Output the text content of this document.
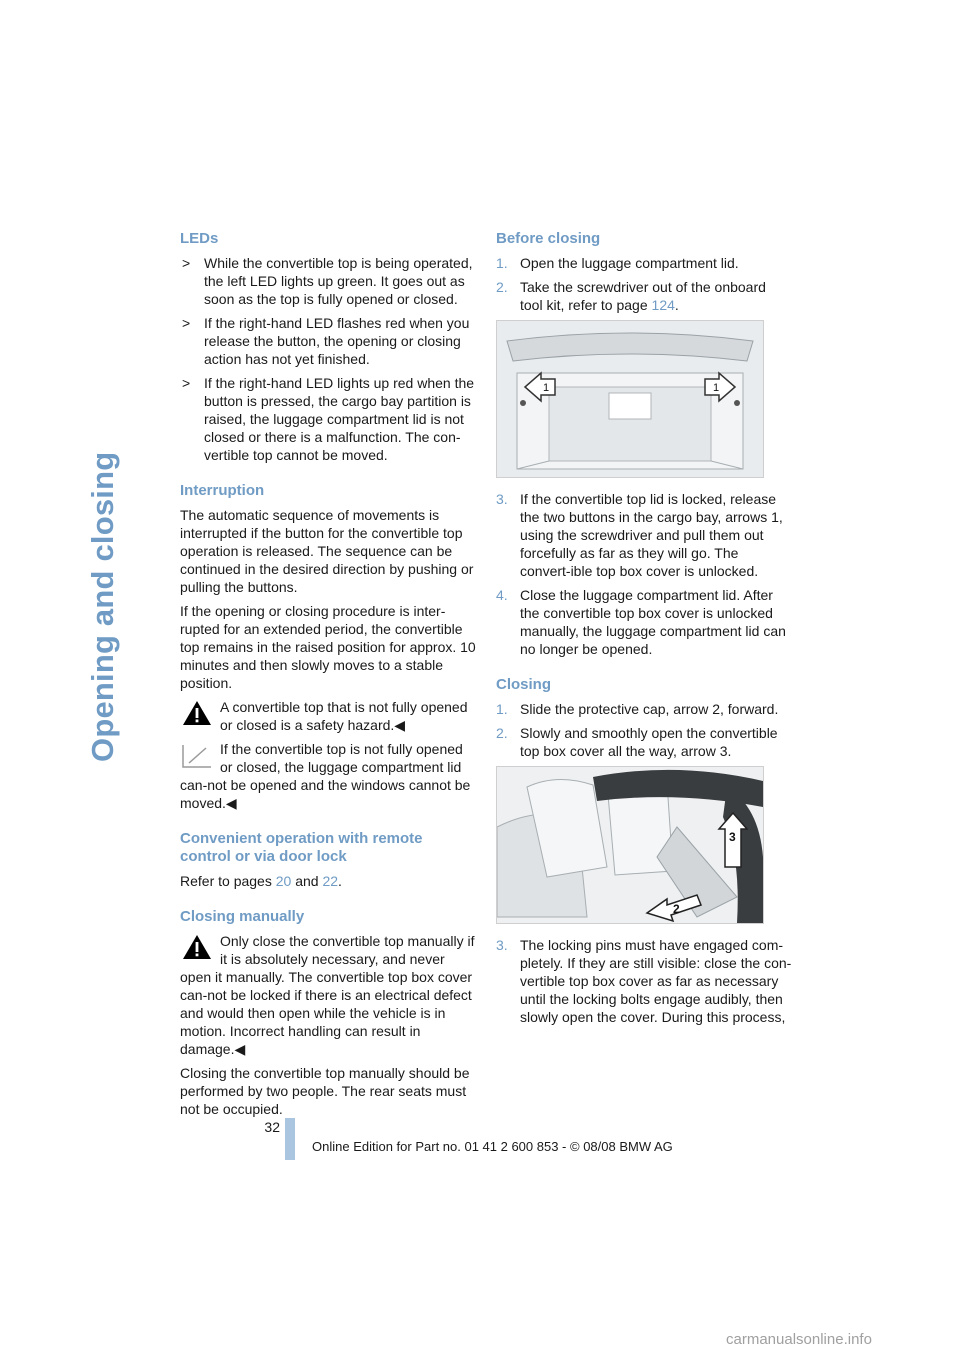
Opening and closing
LEDs
> While the convertible top is being operated, the left LED lights up green. It goes out as soon as the top is fully opened or closed.
> If the right-hand LED flashes red when you release the button, the opening or closing action has not yet finished.
> If the right-hand LED lights up red when the button is pressed, the cargo bay partition is raised, the luggage compartment lid is not closed or there is a malfunction. The con-vertible top cannot be moved.
Interruption

The automatic sequence of movements is interrupted if the button for the convertible top operation is released. The sequence can be continued in the desired direction by pushing or pulling the buttons.

If the opening or closing procedure is inter-rupted for an extended period, the convertible top remains in the raised position for approx. 10 minutes and then slowly moves to a stable position.

A convertible top that is not fully opened or closed is a safety hazard.◀
If the convertible top is not fully opened or closed, the luggage compartment lid can-not be opened and the windows cannot be moved.◀
Convenient operation with remote control or via door lock

Refer to pages 20 and 22.

Closing manually
Only close the convertible top manually if it is absolutely necessary, and never open it manually. The convertible top box cover can-not be locked if there is an electrical defect and would then open while the vehicle is in motion. Incorrect handling can result in damage.◀

Closing the convertible top manually should be performed by two people. The rear seats must not be occupied.

Before closing
1. Open the luggage compartment lid.
2. Take the screwdriver out of the onboard tool kit, refer to page 124.
1	1
3. If the convertible top lid is locked, release the two buttons in the cargo bay, arrows 1, using the screwdriver and pull them out forcefully as far as they will go. The convert-ible top box cover is unlocked.
4. Close the luggage compartment lid. After the convertible top box cover is unlocked manually, the luggage compartment lid can no longer be opened.
Closing
1. Slide the protective cap, arrow 2, forward.
2. Slowly and smoothly open the convertible top box cover all the way, arrow 3.
3
2
3. The locking pins must have engaged com-pletely. If they are still visible: close the con-vertible top box cover as far as necessary until the locking bolts engage audibly, then slowly open the cover. During this process,
32
Online Edition for Part no. 01 41 2 600 853 - © 08/08 BMW AG
carmanualsonline.info
